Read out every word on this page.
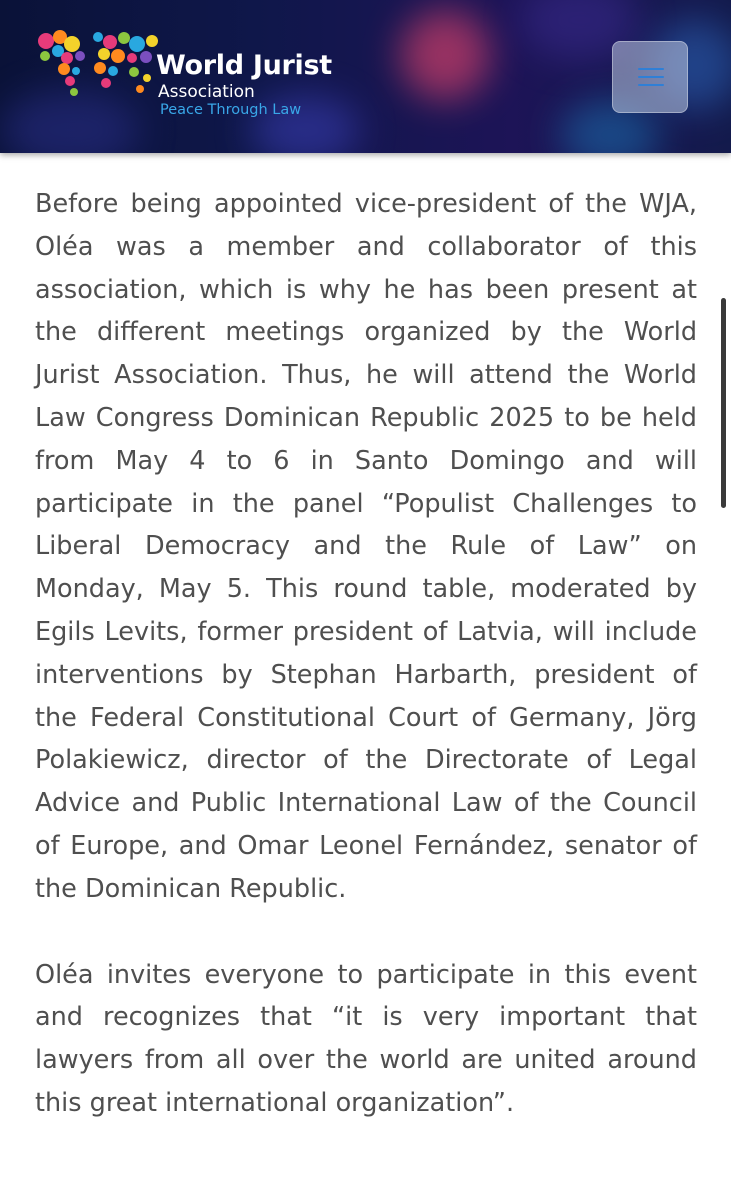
World Jurist
Association
Peace Through Law

Before being appointed vice-president of the WJA, Oléa was a member and collaborator of this association, which is why he has been present at the different meetings organized by the World Jurist Association. Thus, he will attend the World Law Congress Dominican Republic 2025 to be held from May 4 to 6 in Santo Domingo and will participate in the panel “Populist Challenges to Liberal Democracy and the Rule of Law” on Monday, May 5. This round table, moderated by Egils Levits, former president of Latvia, will include interventions by Stephan Harbarth, president of the Federal Constitutional Court of Germany, Jörg Polakiewicz, director of the Directorate of Legal Advice and Public International Law of the Council of Europe, and Omar Leonel Fernández, senator of the Dominican Republic.

Oléa invites everyone to participate in this event and recognizes that “it is very important that lawyers from all over the world are united around this great international organization”.
